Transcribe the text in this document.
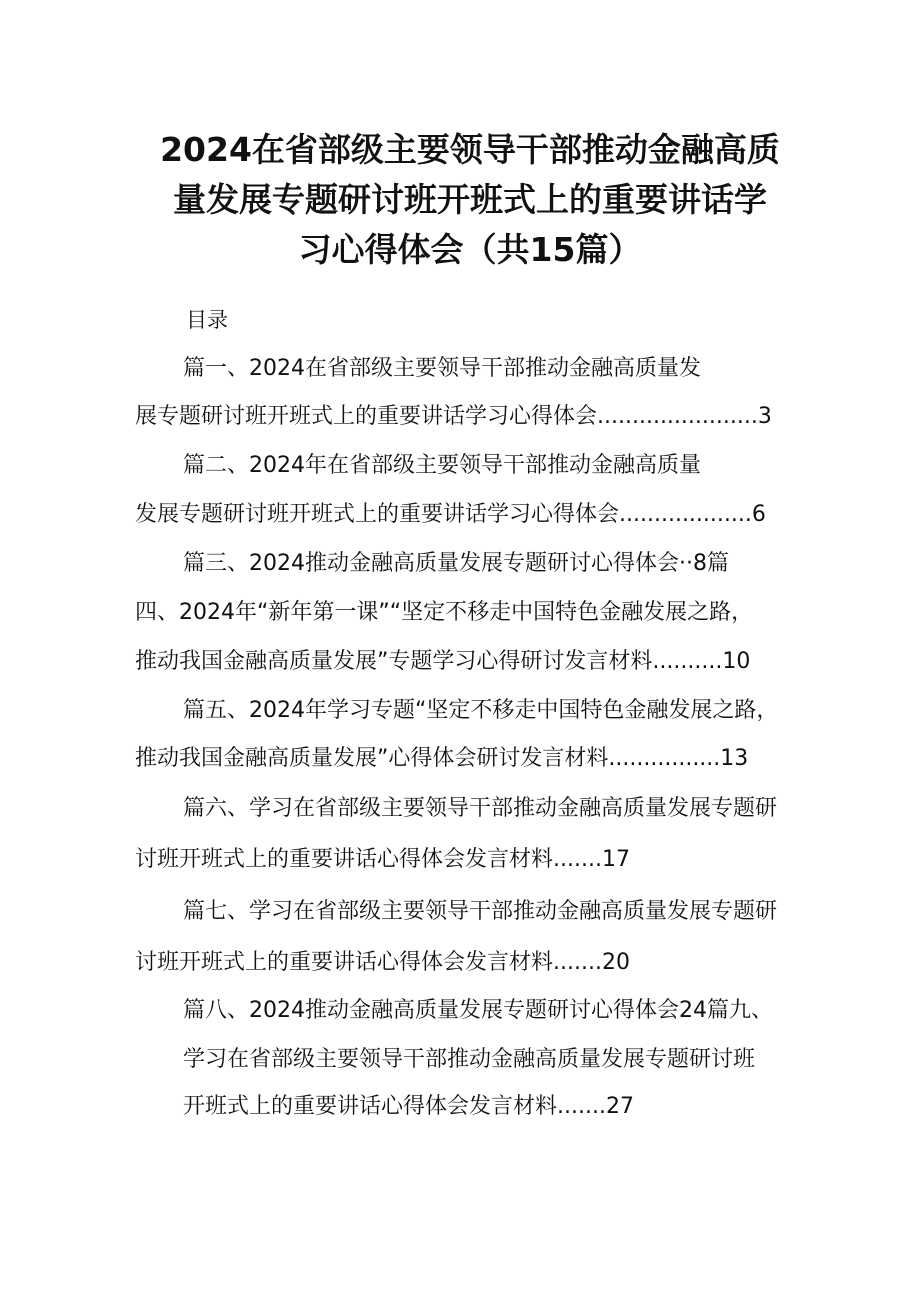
2024在省部级主要领导干部推动金融高质
量发展专题研讨班开班式上的重要讲话学
习心得体会（共15篇）
目录
篇一、2024在省部级主要领导干部推动金融高质量发
展专题研讨班开班式上的重要讲话学习心得体会.......................3
篇二、2024年在省部级主要领导干部推动金融高质量
发展专题研讨班开班式上的重要讲话学习心得体会...................6
篇三、2024推动金融高质量发展专题研讨心得体会··8篇
四、2024年“新年第一课”“坚定不移走中国特色金融发展之路，
推动我国金融高质量发展”专题学习心得研讨发言材料..........10
篇五、2024年学习专题“坚定不移走中国特色金融发展之路，
推动我国金融高质量发展”心得体会研讨发言材料................13
篇六、学习在省部级主要领导干部推动金融高质量发展专题研
讨班开班式上的重要讲话心得体会发言材料.......17
篇七、学习在省部级主要领导干部推动金融高质量发展专题研
讨班开班式上的重要讲话心得体会发言材料.......20
篇八、2024推动金融高质量发展专题研讨心得体会24篇九、
学习在省部级主要领导干部推动金融高质量发展专题研讨班
开班式上的重要讲话心得体会发言材料.......27
